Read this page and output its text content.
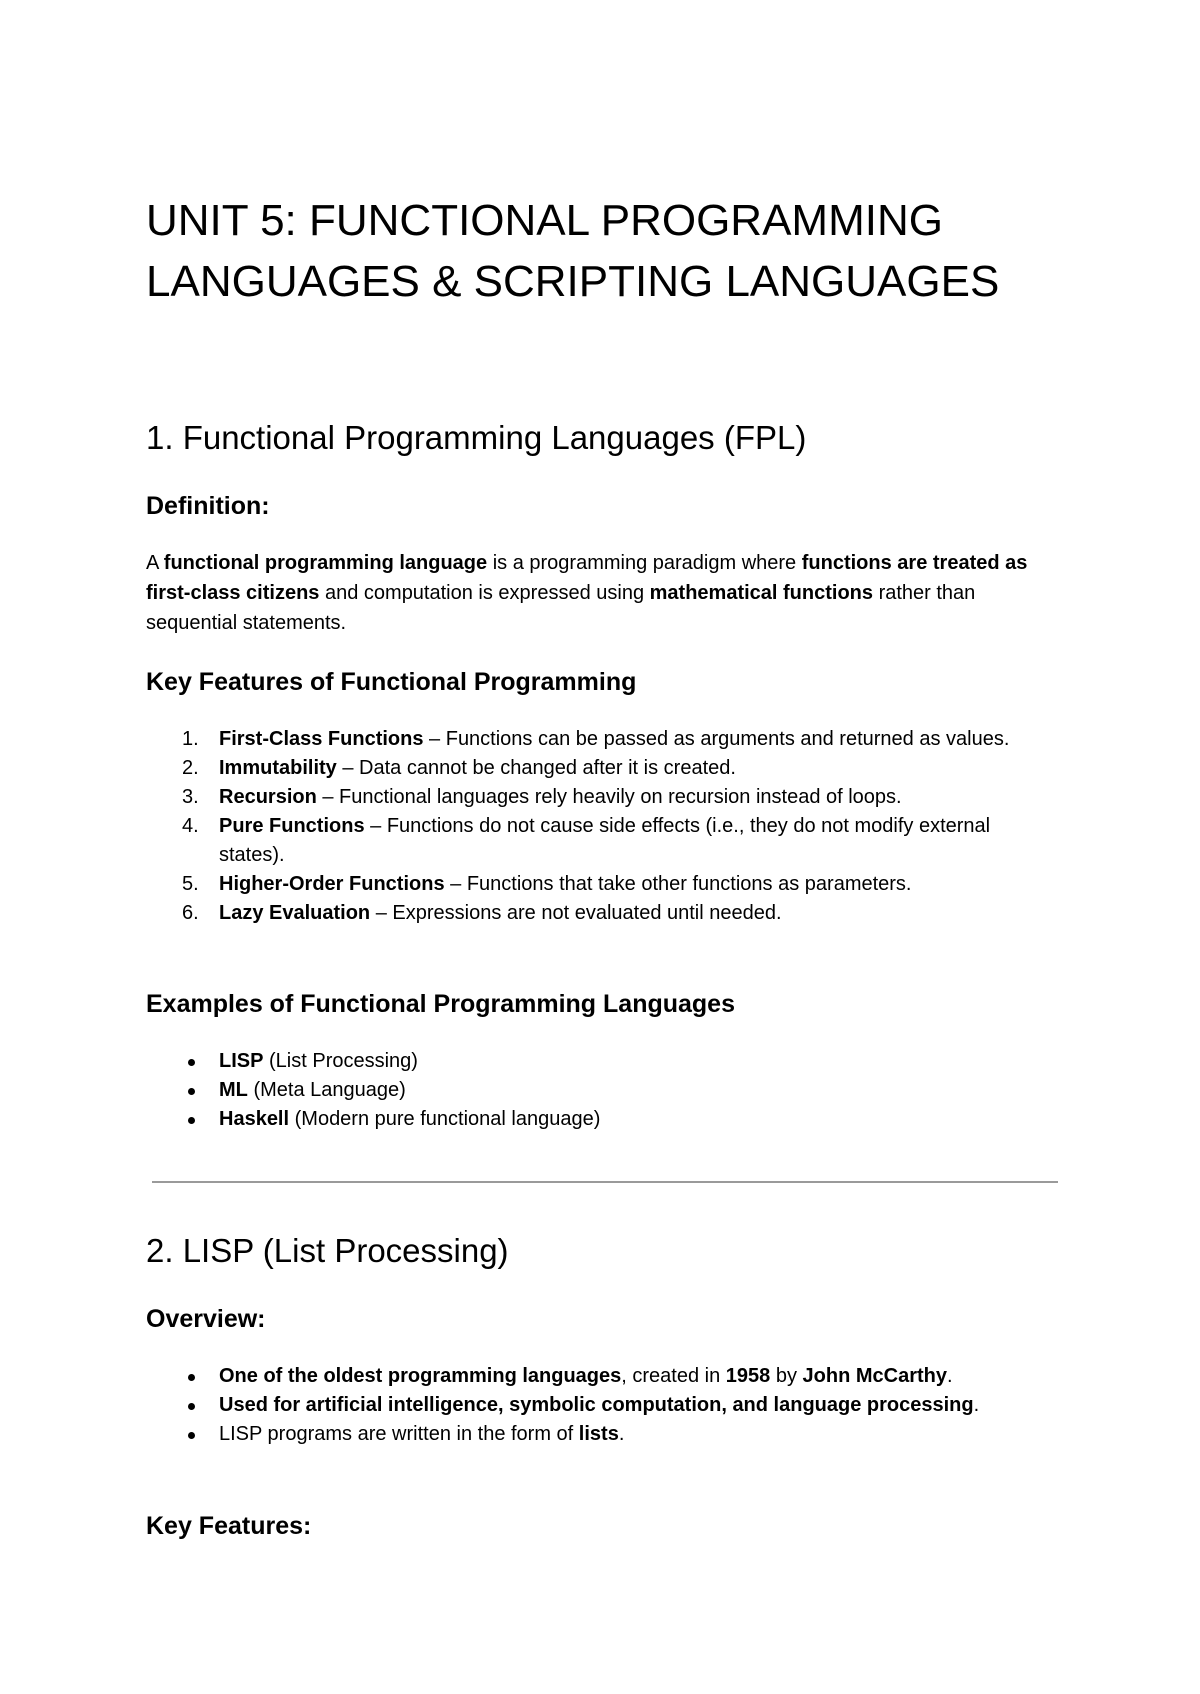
UNIT 5: FUNCTIONAL PROGRAMMING LANGUAGES & SCRIPTING LANGUAGES
1. Functional Programming Languages (FPL)
Definition:

A functional programming language is a programming paradigm where functions are treated as first-class citizens and computation is expressed using mathematical functions rather than sequential statements.

Key Features of Functional Programming
1. First-Class Functions – Functions can be passed as arguments and returned as values.
2. Immutability – Data cannot be changed after it is created.
3. Recursion – Functional languages rely heavily on recursion instead of loops.
4. Pure Functions – Functions do not cause side effects (i.e., they do not modify external states).
5. Higher-Order Functions – Functions that take other functions as parameters.
6. Lazy Evaluation – Expressions are not evaluated until needed.
Examples of Functional Programming Languages
LISP (List Processing)
ML (Meta Language)
Haskell (Modern pure functional language)
2. LISP (List Processing)
Overview:
One of the oldest programming languages, created in 1958 by John McCarthy.
Used for artificial intelligence, symbolic computation, and language processing.
LISP programs are written in the form of lists.
Key Features:
